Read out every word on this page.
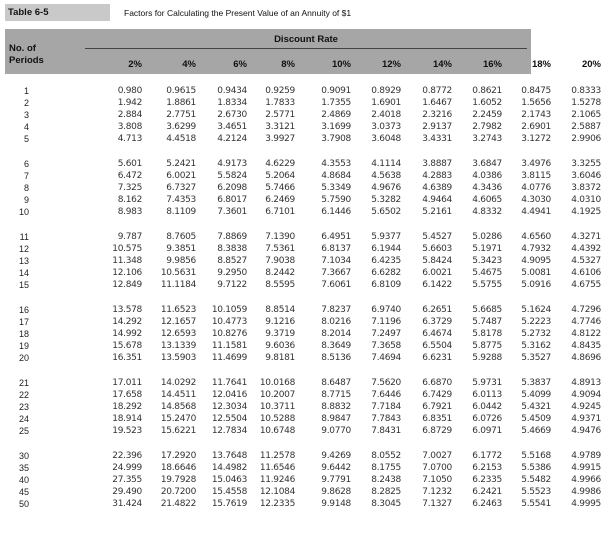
Table 6-5	Factors for Calculating the Present Value of an Annuity of $1
No. of
Periods
Discount Rate
2%	4%	6%	8%	10%	12%	14%	16%	18%	20%
1	0.980	0.9615 0.9434 0.9259	0.9091 0.8929 0.8772 0.8621 0.8475 0.8333
2	1.942	1.8861 1.8334 1.7833	1.7355 1.6901 1.6467 1.6052 1.5656 1.5278
3	2.884	2.7751 2.6730 2.5771	2.4869 2.4018 2.3216 2.2459 2.1743 2.1065
4	3.808	3.6299 3.4651 3.3121	3.1699 3.0373 2.9137 2.7982 2.6901 2.5887
5	4.713	4.4518 4.2124 3.9927	3.7908 3.6048 3.4331 3.2743 3.1272 2.9906
6	5.601	5.2421 4.9173 4.6229	4.3553 4.1114 3.8887 3.6847 3.4976 3.3255
7	6.472	6.0021 5.5824 5.2064	4.8684 4.5638 4.2883 4.0386 3.8115 3.6046
8	7.325	6.7327 6.2098 5.7466	5.3349 4.9676 4.6389 4.3436 4.0776 3.8372
9	8.162	7.4353 6.8017 6.2469	5.7590 5.3282 4.9464 4.6065 4.3030 4.0310
10	8.983	8.1109 7.3601 6.7101	6.1446 5.6502 5.2161 4.8332 4.4941 4.1925
11	9.787	8.7605 7.8869 7.1390	6.4951 5.9377 5.4527 5.0286 4.6560 4.3271
12	10.575	9.3851 8.3838 7.5361	6.8137 6.1944 5.6603 5.1971 4.7932 4.4392
13	11.348	9.9856 8.8527 7.9038	7.1034 6.4235 5.8424 5.3423 4.9095 4.5327
14	12.106 10.5631 9.2950 8.2442	7.3667 6.6282 6.0021 5.4675 5.0081 4.6106
15	12.849 11.1184 9.7122 8.5595	7.6061 6.8109 6.1422 5.5755 5.0916 4.6755
16	13.578 11.6523 10.1059 8.8514	7.8237 6.9740 6.2651 5.6685 5.1624 4.7296
17	14.292 12.1657 10.4773 9.1216	8.0216 7.1196 6.3729 5.7487 5.2223 4.7746
18	14.992 12.6593 10.8276 9.3719	8.2014 7.2497 6.4674 5.8178 5.2732 4.8122
19	15.678 13.1339 11.1581 9.6036	8.3649 7.3658 6.5504 5.8775 5.3162 4.8435
20	16.351 13.5903 11.4699 9.8181	8.5136 7.4694 6.6231 5.9288 5.3527 4.8696
21	17.011 14.0292 11.7641 10.0168	8.6487 7.5620 6.6870 5.9731 5.3837 4.8913
22	17.658 14.4511 12.0416 10.2007	8.7715 7.6446 6.7429 6.0113 5.4099 4.9094
23	18.292 14.8568 12.3034 10.3711	8.8832 7.7184 6.7921 6.0442 5.4321 4.9245
24	18.914 15.2470 12.5504 10.5288	8.9847 7.7843 6.8351 6.0726 5.4509 4.9371
25	19.523 15.6221 12.7834 10.6748	9.0770 7.8431 6.8729 6.0971 5.4669 4.9476
30	22.396 17.2920 13.7648 11.2578	9.4269 8.0552 7.0027 6.1772 5.5168 4.9789
35	24.999 18.6646 14.4982 11.6546	9.6442 8.1755 7.0700 6.2153 5.5386 4.9915
40	27.355 19.7928 15.0463 11.9246	9.7791 8.2438 7.1050 6.2335 5.5482 4.9966
45	29.490 20.7200 15.4558 12.1084	9.8628 8.2825 7.1232 6.2421 5.5523 4.9986
50	31.424 21.4822 15.7619 12.2335	9.9148 8.3045 7.1327 6.2463 5.5541 4.9995
